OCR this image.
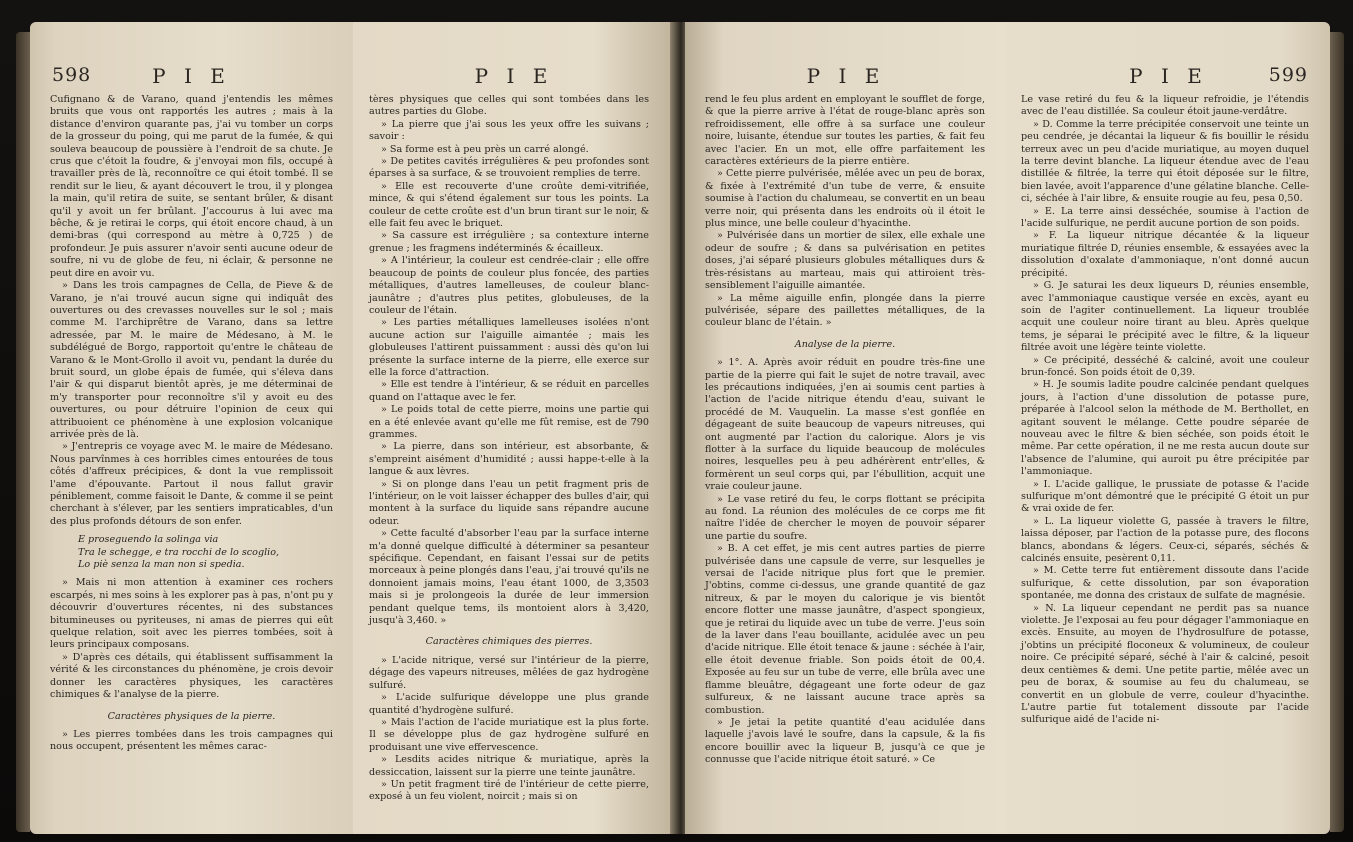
598	P I E

Cufignano & de Varano, quand j'entendis les mêmes bruits que vous ont rapportés les autres ; mais à la distance d'environ quarante pas, j'ai vu tomber un corps de la grosseur du poing, qui me parut de la fumée, & qui souleva beaucoup de poussière à l'endroit de sa chute. Je crus que c'étoit la foudre, & j'envoyai mon fils, occupé à travailler près de là, reconnoître ce qui étoit tombé. Il se rendit sur le lieu, & ayant découvert le trou, il y plongea la main, qu'il retira de suite, se sentant brûler, & disant qu'il y avoit un fer brûlant. J'accourus à lui avec ma bêche, & je retirai le corps, qui étoit encore chaud, à un demi-bras (qui correspond au mètre à 0,725 ) de profondeur. Je puis assurer n'avoir senti aucune odeur de soufre, ni vu de globe de feu, ni éclair, & personne ne peut dire en avoir vu.

» Dans les trois campagnes de Cella, de Pieve & de Varano, je n'ai trouvé aucun signe qui indiquât des ouvertures ou des crevasses nouvelles sur le sol ; mais comme M. l'archiprêtre de Varano, dans sa lettre adressée, par M. le maire de Médesano, à M. le subdélégué de Borgo, rapportoit qu'entre le château de Varano & le Mont-Grollo il avoit vu, pendant la durée du bruit sourd, un globe épais de fumée, qui s'éleva dans l'air & qui disparut bientôt après, je me déterminai de m'y transporter pour reconnoître s'il y avoit eu des ouvertures, ou pour détruire l'opinion de ceux qui attribuoient ce phénomène à une explosion volcanique arrivée près de là.

» J'entrepris ce voyage avec M. le maire de Médesano. Nous parvînmes à ces horribles cimes entourées de tous côtés d'affreux précipices, & dont la vue remplissoit l'ame d'épouvante. Partout il nous fallut gravir péniblement, comme faisoit le Dante, & comme il se peint cherchant à s'élever, par les sentiers impraticables, d'un des plus profonds détours de son enfer.

E proseguendo la solinga via
Tra le schegge, e tra rocchi de lo scoglio,
Lo piè senza la man non si spedia.

» Mais ni mon attention à examiner ces rochers escarpés, ni mes soins à les explorer pas à pas, n'ont pu y découvrir d'ouvertures récentes, ni des substances bitumineuses ou pyriteuses, ni amas de pierres qui eût quelque relation, soit avec les pierres tombées, soit à leurs principaux composans.

» D'après ces détails, qui établissent suffisamment la vérité & les circonstances du phénomène, je crois devoir donner les caractères physiques, les caractères chimiques & l'analyse de la pierre.

Caractères physiques de la pierre.

» Les pierres tombées dans les trois campagnes qui nous occupent, présentent les mêmes carac-

P I E

tères physiques que celles qui sont tombées dans les autres parties du Globe.

» La pierre que j'ai sous les yeux offre les suivans ; savoir :

» Sa forme est à peu près un carré alongé.

» De petites cavités irrégulières & peu profondes sont éparses à sa surface, & se trouvoient remplies de terre.

» Elle est recouverte d'une croûte demi-vitrifiée, mince, & qui s'étend également sur tous les points. La couleur de cette croûte est d'un brun tirant sur le noir, & elle fait feu avec le briquet.

» Sa cassure est irrégulière ; sa contexture interne grenue ; les fragmens indéterminés & écailleux.

» A l'intérieur, la couleur est cendrée-clair ; elle offre beaucoup de points de couleur plus foncée, des parties métalliques, d'autres lamelleuses, de couleur blanc-jaunâtre ; d'autres plus petites, globuleuses, de la couleur de l'étain.

» Les parties métalliques lamelleuses isolées n'ont aucune action sur l'aiguille aimantée ; mais les globuleuses l'attirent puissamment : aussi dès qu'on lui présente la surface interne de la pierre, elle exerce sur elle la force d'attraction.

» Elle est tendre à l'intérieur, & se réduit en parcelles quand on l'attaque avec le fer.

» Le poids total de cette pierre, moins une partie qui en a été enlevée avant qu'elle me fût remise, est de 790 grammes.

» La pierre, dans son intérieur, est absorbante, & s'empreint aisément d'humidité ; aussi happe-t-elle à la langue & aux lèvres.

» Si on plonge dans l'eau un petit fragment pris de l'intérieur, on le voit laisser échapper des bulles d'air, qui montent à la surface du liquide sans répandre aucune odeur.

» Cette faculté d'absorber l'eau par la surface interne m'a donné quelque difficulté à déterminer sa pesanteur spécifique. Cependant, en faisant l'essai sur de petits morceaux à peine plongés dans l'eau, j'ai trouvé qu'ils ne donnoient jamais moins, l'eau étant 1000, de 3,3503 mais si je prolongeois la durée de leur immersion pendant quelque tems, ils montoient alors à 3,420, jusqu'à 3,460. »

Caractères chimiques des pierres.

» L'acide nitrique, versé sur l'intérieur de la pierre, dégage des vapeurs nitreuses, mêlées de gaz hydrogène sulfuré.

» L'acide sulfurique développe une plus grande quantité d'hydrogène sulfuré.

» Mais l'action de l'acide muriatique est la plus forte. Il se développe plus de gaz hydrogène sulfuré en produisant une vive effervescence.

» Lesdits acides nitrique & muriatique, après la dessiccation, laissent sur la pierre une teinte jaunâtre.

» Un petit fragment tiré de l'intérieur de cette pierre, exposé à un feu violent, noircit ; mais si on

P I E

rend le feu plus ardent en employant le soufflet de forge, & que la pierre arrive à l'état de rouge-blanc après son refroidissement, elle offre à sa surface une couleur noire, luisante, étendue sur toutes les parties, & fait feu avec l'acier. En un mot, elle offre parfaitement les caractères extérieurs de la pierre entière.

» Cette pierre pulvérisée, mêlée avec un peu de borax, & fixée à l'extrémité d'un tube de verre, & ensuite soumise à l'action du chalumeau, se convertit en un beau verre noir, qui présenta dans les endroits où il étoit le plus mince, une belle couleur d'hyacinthe.

» Pulvérisée dans un mortier de silex, elle exhale une odeur de soufre ; & dans sa pulvérisation en petites doses, j'ai séparé plusieurs globules métalliques durs & très-résistans au marteau, mais qui attiroient très-sensiblement l'aiguille aimantée.

» La même aiguille enfin, plongée dans la pierre pulvérisée, sépare des paillettes métalliques, de la couleur blanc de l'étain. »

Analyse de la pierre.

» 1°. A. Après avoir réduit en poudre très-fine une partie de la pierre qui fait le sujet de notre travail, avec les précautions indiquées, j'en ai soumis cent parties à l'action de l'acide nitrique étendu d'eau, suivant le procédé de M. Vauquelin. La masse s'est gonflée en dégageant de suite beaucoup de vapeurs nitreuses, qui ont augmenté par l'action du calorique. Alors je vis flotter à la surface du liquide beaucoup de molécules noires, lesquelles peu à peu adhérèrent entr'elles, & formèrent un seul corps qui, par l'ébullition, acquit une vraie couleur jaune.

» Le vase retiré du feu, le corps flottant se précipita au fond. La réunion des molécules de ce corps me fit naître l'idée de chercher le moyen de pouvoir séparer une partie du soufre.

» B. A cet effet, je mis cent autres parties de pierre pulvérisée dans une capsule de verre, sur lesquelles je versai de l'acide nitrique plus fort que le premier. J'obtins, comme ci-dessus, une grande quantité de gaz nitreux, & par le moyen du calorique je vis bientôt encore flotter une masse jaunâtre, d'aspect spongieux, que je retirai du liquide avec un tube de verre. J'eus soin de la laver dans l'eau bouillante, acidulée avec un peu d'acide nitrique. Elle étoit tenace & jaune : séchée à l'air, elle étoit devenue friable. Son poids étoit de 00,4. Exposée au feu sur un tube de verre, elle brûla avec une flamme bleuâtre, dégageant une forte odeur de gaz sulfureux, & ne laissant aucune trace après sa combustion.

» Je jetai la petite quantité d'eau acidulée dans laquelle j'avois lavé le soufre, dans la capsule, & la fis encore bouillir avec la liqueur B, jusqu'à ce que je connusse que l'acide nitrique étoit saturé. » Ce

P I E	599

Le vase retiré du feu & la liqueur refroidie, je l'étendis avec de l'eau distillée. Sa couleur étoit jaune-verdâtre.

» D. Comme la terre précipitée conservoit une teinte un peu cendrée, je décantai la liqueur & fis bouillir le résidu terreux avec un peu d'acide muriatique, au moyen duquel la terre devint blanche. La liqueur étendue avec de l'eau distillée & filtrée, la terre qui étoit déposée sur le filtre, bien lavée, avoit l'apparence d'une gélatine blanche. Celle-ci, séchée à l'air libre, & ensuite rougie au feu, pesa 0,50.

» E. La terre ainsi desséchée, soumise à l'action de l'acide sulfurique, ne perdit aucune portion de son poids.

» F. La liqueur nitrique décantée & la liqueur muriatique filtrée D, réunies ensemble, & essayées avec la dissolution d'oxalate d'ammoniaque, n'ont donné aucun précipité.

» G. Je saturai les deux liqueurs D, réunies ensemble, avec l'ammoniaque caustique versée en excès, ayant eu soin de l'agiter continuellement. La liqueur troublée acquit une couleur noire tirant au bleu. Après quelque tems, je séparai le précipité avec le filtre, & la liqueur filtrée avoit une légère teinte violette.

» Ce précipité, desséché & calciné, avoit une couleur brun-foncé. Son poids étoit de 0,39.

» H. Je soumis ladite poudre calcinée pendant quelques jours, à l'action d'une dissolution de potasse pure, préparée à l'alcool selon la méthode de M. Berthollet, en agitant souvent le mélange. Cette poudre séparée de nouveau avec le filtre & bien séchée, son poids étoit le même. Par cette opération, il ne me resta aucun doute sur l'absence de l'alumine, qui auroit pu être précipitée par l'ammoniaque.

» I. L'acide gallique, le prussiate de potasse & l'acide sulfurique m'ont démontré que le précipité G étoit un pur & vrai oxide de fer.

» L. La liqueur violette G, passée à travers le filtre, laissa déposer, par l'action de la potasse pure, des flocons blancs, abondans & légers. Ceux-ci, séparés, séchés & calcinés ensuite, pesèrent 0,11.

» M. Cette terre fut entièrement dissoute dans l'acide sulfurique, & cette dissolution, par son évaporation spontanée, me donna des cristaux de sulfate de magnésie.

» N. La liqueur cependant ne perdit pas sa nuance violette. Je l'exposai au feu pour dégager l'ammoniaque en excès. Ensuite, au moyen de l'hydrosulfure de potasse, j'obtins un précipité floconeux & volumineux, de couleur noire. Ce précipité séparé, séché à l'air & calciné, pesoit deux centièmes & demi. Une petite partie, mêlée avec un peu de borax, & soumise au feu du chalumeau, se convertit en un globule de verre, couleur d'hyacinthe. L'autre partie fut totalement dissoute par l'acide sulfurique aidé de l'acide ni-
